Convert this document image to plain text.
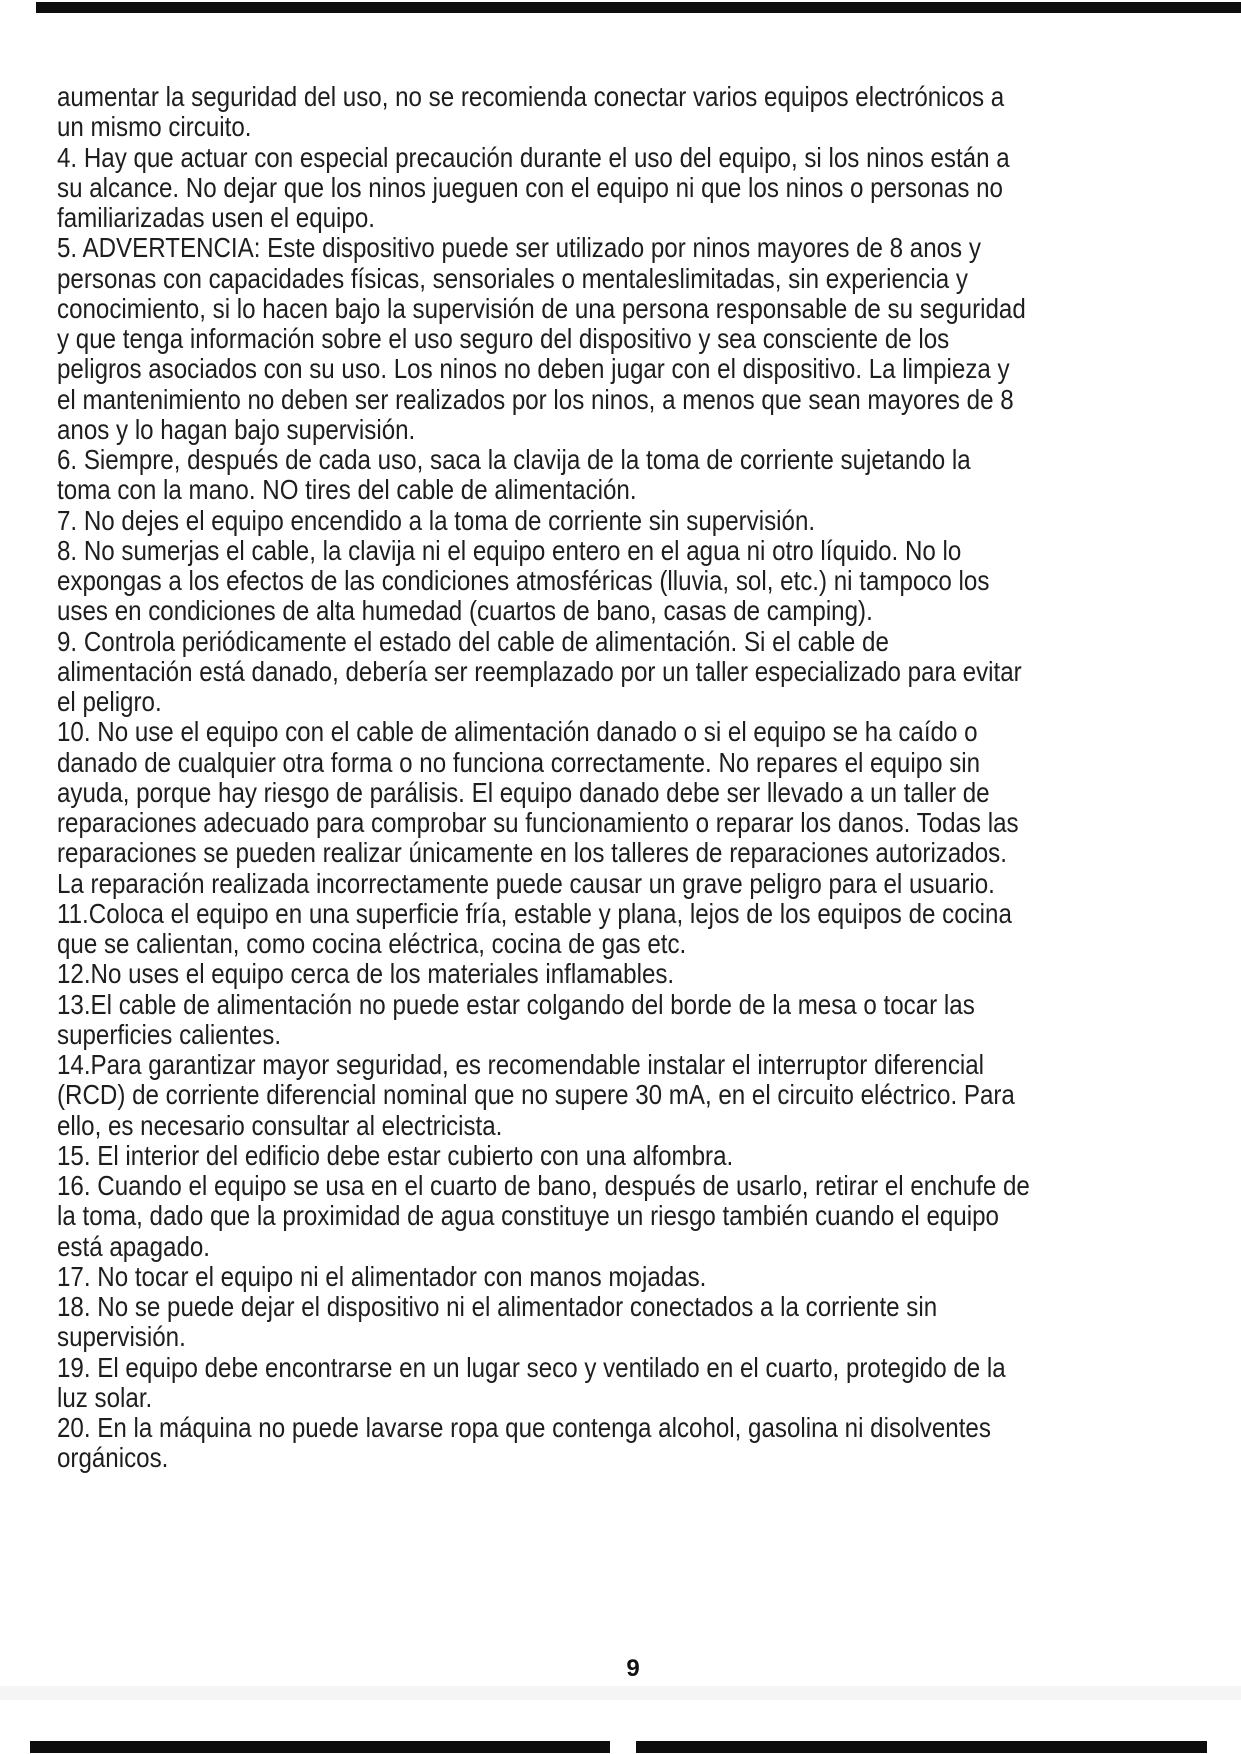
aumentar la seguridad del uso, no se recomienda conectar varios equipos electrónicos a
un mismo circuito.
4. Hay que actuar con especial precaución durante el uso del equipo, si los ninos están a
su alcance. No dejar que los ninos jueguen con el equipo ni que los ninos o personas no
familiarizadas usen el equipo.
5. ADVERTENCIA: Este dispositivo puede ser utilizado por ninos mayores de 8 anos y
personas con capacidades físicas, sensoriales o mentaleslimitadas, sin experiencia y
conocimiento, si lo hacen bajo la supervisión de una persona responsable de su seguridad
y que tenga información sobre el uso seguro del dispositivo y sea consciente de los
peligros asociados con su uso. Los ninos no deben jugar con el dispositivo. La limpieza y
el mantenimiento no deben ser realizados por los ninos, a menos que sean mayores de 8
anos y lo hagan bajo supervisión.
6. Siempre, después de cada uso, saca la clavija de la toma de corriente sujetando la
toma con la mano. NO tires del cable de alimentación.
7. No dejes el equipo encendido a la toma de corriente sin supervisión.
8. No sumerjas el cable, la clavija ni el equipo entero en el agua ni otro líquido. No lo
expongas a los efectos de las condiciones atmosféricas (lluvia, sol, etc.) ni tampoco los
uses en condiciones de alta humedad (cuartos de bano, casas de camping).
9. Controla periódicamente el estado del cable de alimentación. Si el cable de
alimentación está danado, debería ser reemplazado por un taller especializado para evitar
el peligro.
10. No use el equipo con el cable de alimentación danado o si el equipo se ha caído o
danado de cualquier otra forma o no funciona correctamente. No repares el equipo sin
ayuda, porque hay riesgo de parálisis. El equipo danado debe ser llevado a un taller de
reparaciones adecuado para comprobar su funcionamiento o reparar los danos. Todas las
reparaciones se pueden realizar únicamente en los talleres de reparaciones autorizados.
La reparación realizada incorrectamente puede causar un grave peligro para el usuario.
11.Coloca el equipo en una superficie fría, estable y plana, lejos de los equipos de cocina
que se calientan, como cocina eléctrica, cocina de gas etc.
12.No uses el equipo cerca de los materiales inflamables.
13.El cable de alimentación no puede estar colgando del borde de la mesa o tocar las
superficies calientes.
14.Para garantizar mayor seguridad, es recomendable instalar el interruptor diferencial
(RCD) de corriente diferencial nominal que no supere 30 mA, en el circuito eléctrico. Para
ello, es necesario consultar al electricista.
15. El interior del edificio debe estar cubierto con una alfombra.
16. Cuando el equipo se usa en el cuarto de bano, después de usarlo, retirar el enchufe de
la toma, dado que la proximidad de agua constituye un riesgo también cuando el equipo
está apagado.
17. No tocar el equipo ni el alimentador con manos mojadas.
18. No se puede dejar el dispositivo ni el alimentador conectados a la corriente sin
supervisión.
19. El equipo debe encontrarse en un lugar seco y ventilado en el cuarto, protegido de la
luz solar.
20. En la máquina no puede lavarse ropa que contenga alcohol, gasolina ni disolventes
orgánicos.
9
